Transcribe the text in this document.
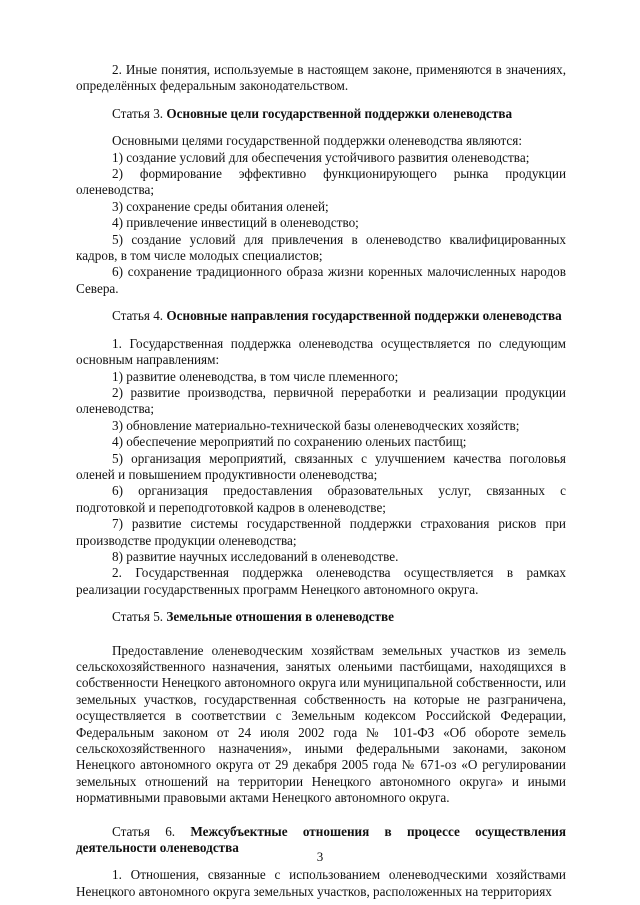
2. Иные понятия, используемые в настоящем законе, применяются в значениях, определённых федеральным законодательством.

Статья 3. Основные цели государственной поддержки оленеводства

Основными целями государственной поддержки оленеводства являются:

1) создание условий для обеспечения устойчивого развития оленеводства;

2) формирование эффективно функционирующего рынка продукции оленеводства;

3) сохранение среды обитания оленей;

4) привлечение инвестиций в оленеводство;

5) создание условий для привлечения в оленеводство квалифицированных кадров, в том числе молодых специалистов;

6) сохранение традиционного образа жизни коренных малочисленных народов Севера.

Статья 4. Основные направления государственной поддержки оленеводства

1. Государственная поддержка оленеводства осуществляется по следующим основным направлениям:

1) развитие оленеводства, в том числе племенного;

2) развитие производства, первичной переработки и реализации продукции оленеводства;

3) обновление материально-технической базы оленеводческих хозяйств;

4) обеспечение мероприятий по сохранению оленьих пастбищ;

5) организация мероприятий, связанных с улучшением качества поголовья оленей и повышением продуктивности оленеводства;

6) организация предоставления образовательных услуг, связанных с подготовкой и переподготовкой кадров в оленеводстве;

7) развитие системы государственной поддержки страхования рисков при производстве продукции оленеводства;

8) развитие научных исследований в оленеводстве.

2. Государственная поддержка оленеводства осуществляется в рамках реализации государственных программ Ненецкого автономного округа.

Статья 5. Земельные отношения в оленеводстве

Предоставление оленеводческим хозяйствам земельных участков из земель сельскохозяйственного назначения, занятых оленьими пастбищами, находящихся в собственности Ненецкого автономного округа или муниципальной собственности, или земельных участков, государственная собственность на которые не разграничена, осуществляется в соответствии с Земельным кодексом Российской Федерации, Федеральным законом от 24 июля 2002 года № 101-ФЗ «Об обороте земель сельскохозяйственного назначения», иными федеральными законами, законом Ненецкого автономного округа от 29 декабря 2005 года № 671-оз «О регулировании земельных отношений на территории Ненецкого автономного округа» и иными нормативными правовыми актами Ненецкого автономного округа.

Статья 6. Межсубъектные отношения в процессе осуществления

деятельности оленеводства

1. Отношения, связанные с использованием оленеводческими хозяйствами Ненецкого автономного округа земельных участков, расположенных на территориях

3
